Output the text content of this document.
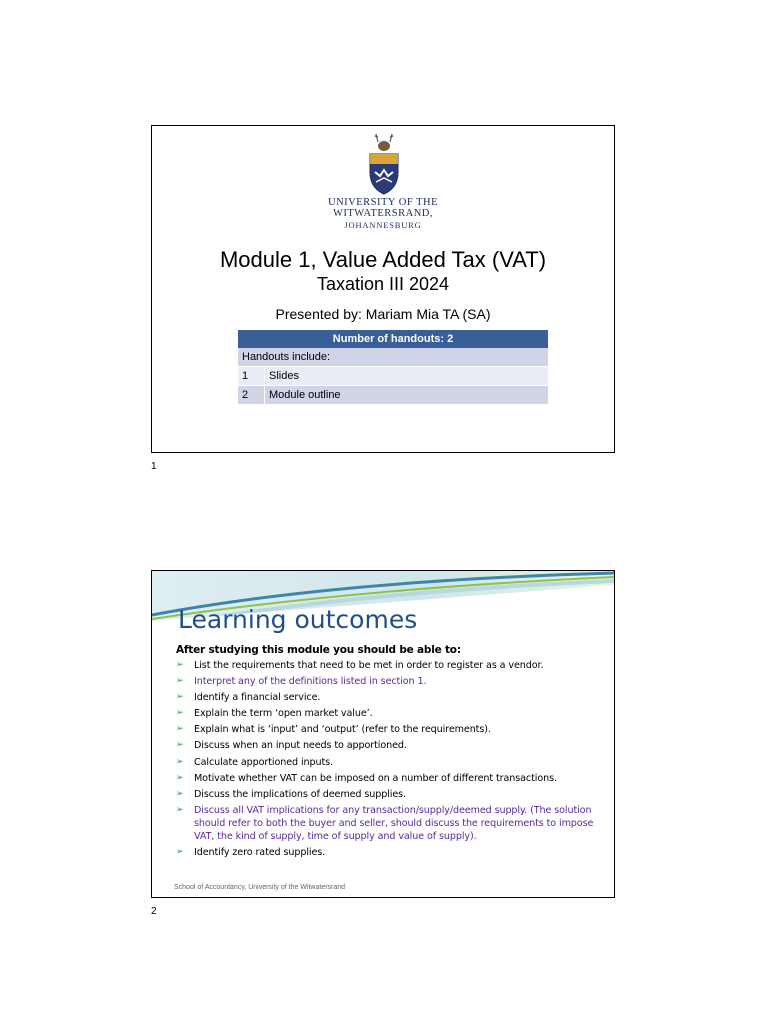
UNIVERSITY OF THE
WITWATERSRAND,
JOHANNESBURG
Module 1, Value Added Tax (VAT)
Taxation III 2024
Presented by: Mariam Mia TA (SA)
Number of handouts: 2	
Handouts include:	
1	Slides
2	Module outline
1
Learning outcomes
After studying this module you should be able to:
➢ List the requirements that need to be met in order to register as a vendor.
➢ Interpret any of the definitions listed in section 1.
➢ Identify a financial service.
➢ Explain the term ‘open market value’.
➢ Explain what is ‘input’ and ‘output’ (refer to the requirements).
➢ Discuss when an input needs to apportioned.
➢ Calculate apportioned inputs.
➢ Motivate whether VAT can be imposed on a number of different transactions.
➢ Discuss the implications of deemed supplies.
➢ Discuss all VAT implications for any transaction/supply/deemed supply. (The solution should refer to both the buyer and seller, should discuss the requirements to impose VAT, the kind of supply, time of supply and value of supply).
➢ Identify zero rated supplies.
School of Accountancy, University of the Witwatersrand
2
